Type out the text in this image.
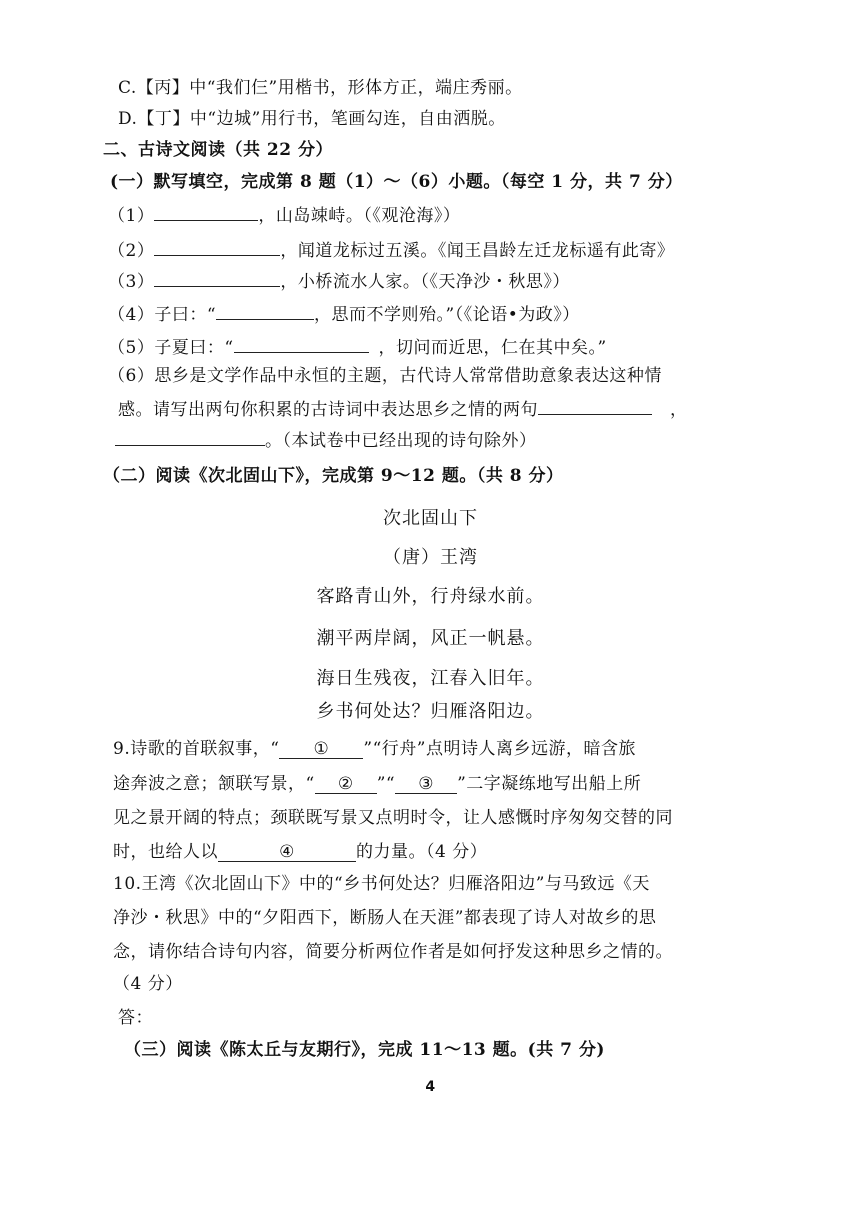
C.【丙】中“我们仨”用楷书，形体方正，端庄秀丽。
D.【丁】中“边城”用行书，笔画勾连，自由洒脱。
二、古诗文阅读（共 22 分）
(一）默写填空，完成第 8 题（1）～（6）小题。（每空 1 分，共 7 分）
（1）	，山岛竦峙。（《观沧海》）
（2）	，闻道龙标过五溪。《闻王昌龄左迁龙标遥有此寄》
（3）	，小桥流水人家。（《天净沙・秋思》）
（4）子曰：“	，思而不学则殆。”（《论语•为政》）
（5）子夏曰：“	，切问而近思，仁在其中矣。”
（6）思乡是文学作品中永恒的主题，古代诗人常常借助意象表达这种情
感。请写出两句你积累的古诗词中表达思乡之情的两句	，
。（本试卷中已经出现的诗句除外）
（二）阅读《次北固山下》，完成第 9～12 题。（共 8 分）
次北固山下
（唐）王湾
客路青山外，行舟绿水前。
潮平两岸阔，风正一帆悬。
海日生残夜，江春入旧年。
乡书何处达？归雁洛阳边。
9.诗歌的首联叙事，“ ① ”“行舟”点明诗人离乡远游，暗含旅
途奔波之意；颔联写景，“ ② ”“ ③ ”二字凝练地写出船上所
见之景开阔的特点；颈联既写景又点明时令，让人感慨时序匆匆交替的同
时，也给人以	④	的力量。（4 分）
10.王湾《次北固山下》中的“乡书何处达？归雁洛阳边”与马致远《天
净沙・秋思》中的“夕阳西下，断肠人在天涯”都表现了诗人对故乡的思
念，请你结合诗句内容，简要分析两位作者是如何抒发这种思乡之情的。
（4 分）
答：
（三）阅读《陈太丘与友期行》，完成 11～13 题。(共 7 分)
4
